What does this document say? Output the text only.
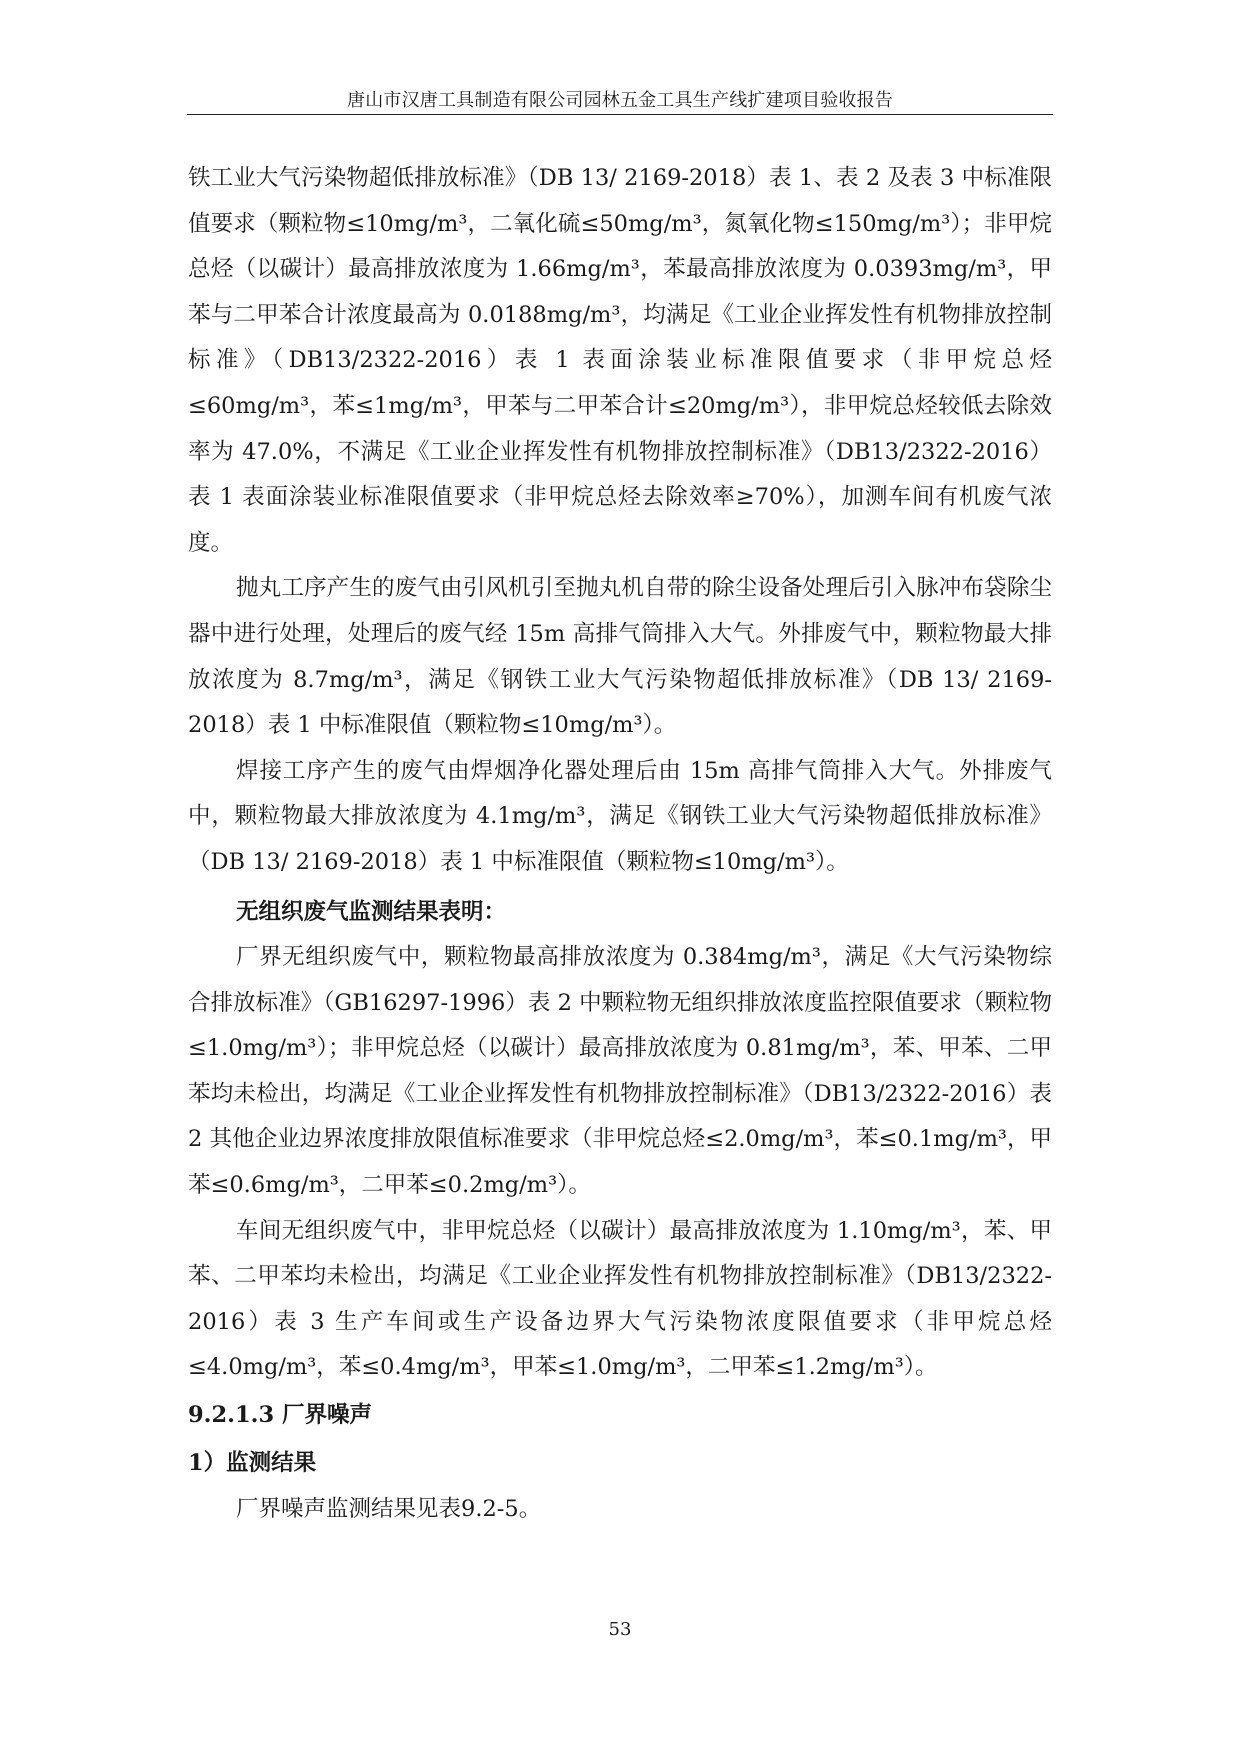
唐山市汉唐工具制造有限公司园林五金工具生产线扩建项目验收报告

铁工业大气污染物超低排放标准》（DB 13/ 2169-2018）表 1、表 2 及表 3 中标准限值要求（颗粒物≤10mg/m³，二氧化硫≤50mg/m³，氮氧化物≤150mg/m³）；非甲烷总烃（以碳计）最高排放浓度为 1.66mg/m³，苯最高排放浓度为 0.0393mg/m³，甲苯与二甲苯合计浓度最高为 0.0188mg/m³，均满足《工业企业挥发性有机物排放控制标准》（DB13/2322-2016）表 1 表面涂装业标准限值要求（非甲烷总烃≤60mg/m³，苯≤1mg/m³，甲苯与二甲苯合计≤20mg/m³），非甲烷总烃较低去除效率为 47.0%，不满足《工业企业挥发性有机物排放控制标准》（DB13/2322-2016）表 1 表面涂装业标准限值要求（非甲烷总烃去除效率≥70%），加测车间有机废气浓度。

抛丸工序产生的废气由引风机引至抛丸机自带的除尘设备处理后引入脉冲布袋除尘器中进行处理，处理后的废气经 15m 高排气筒排入大气。外排废气中，颗粒物最大排放浓度为 8.7mg/m³，满足《钢铁工业大气污染物超低排放标准》（DB 13/ 2169-2018）表 1 中标准限值（颗粒物≤10mg/m³）。

焊接工序产生的废气由焊烟净化器处理后由 15m 高排气筒排入大气。外排废气中，颗粒物最大排放浓度为 4.1mg/m³，满足《钢铁工业大气污染物超低排放标准》（DB 13/ 2169-2018）表 1 中标准限值（颗粒物≤10mg/m³）。

无组织废气监测结果表明：

厂界无组织废气中，颗粒物最高排放浓度为 0.384mg/m³，满足《大气污染物综合排放标准》（GB16297-1996）表 2 中颗粒物无组织排放浓度监控限值要求（颗粒物≤1.0mg/m³）；非甲烷总烃（以碳计）最高排放浓度为 0.81mg/m³，苯、甲苯、二甲苯均未检出，均满足《工业企业挥发性有机物排放控制标准》（DB13/2322-2016）表 2 其他企业边界浓度排放限值标准要求（非甲烷总烃≤2.0mg/m³，苯≤0.1mg/m³，甲苯≤0.6mg/m³，二甲苯≤0.2mg/m³）。

车间无组织废气中，非甲烷总烃（以碳计）最高排放浓度为 1.10mg/m³，苯、甲苯、二甲苯均未检出，均满足《工业企业挥发性有机物排放控制标准》（DB13/2322-2016）表 3 生产车间或生产设备边界大气污染物浓度限值要求（非甲烷总烃≤4.0mg/m³，苯≤0.4mg/m³，甲苯≤1.0mg/m³，二甲苯≤1.2mg/m³）。

9.2.1.3 厂界噪声

1）监测结果

厂界噪声监测结果见表9.2-5。

53
